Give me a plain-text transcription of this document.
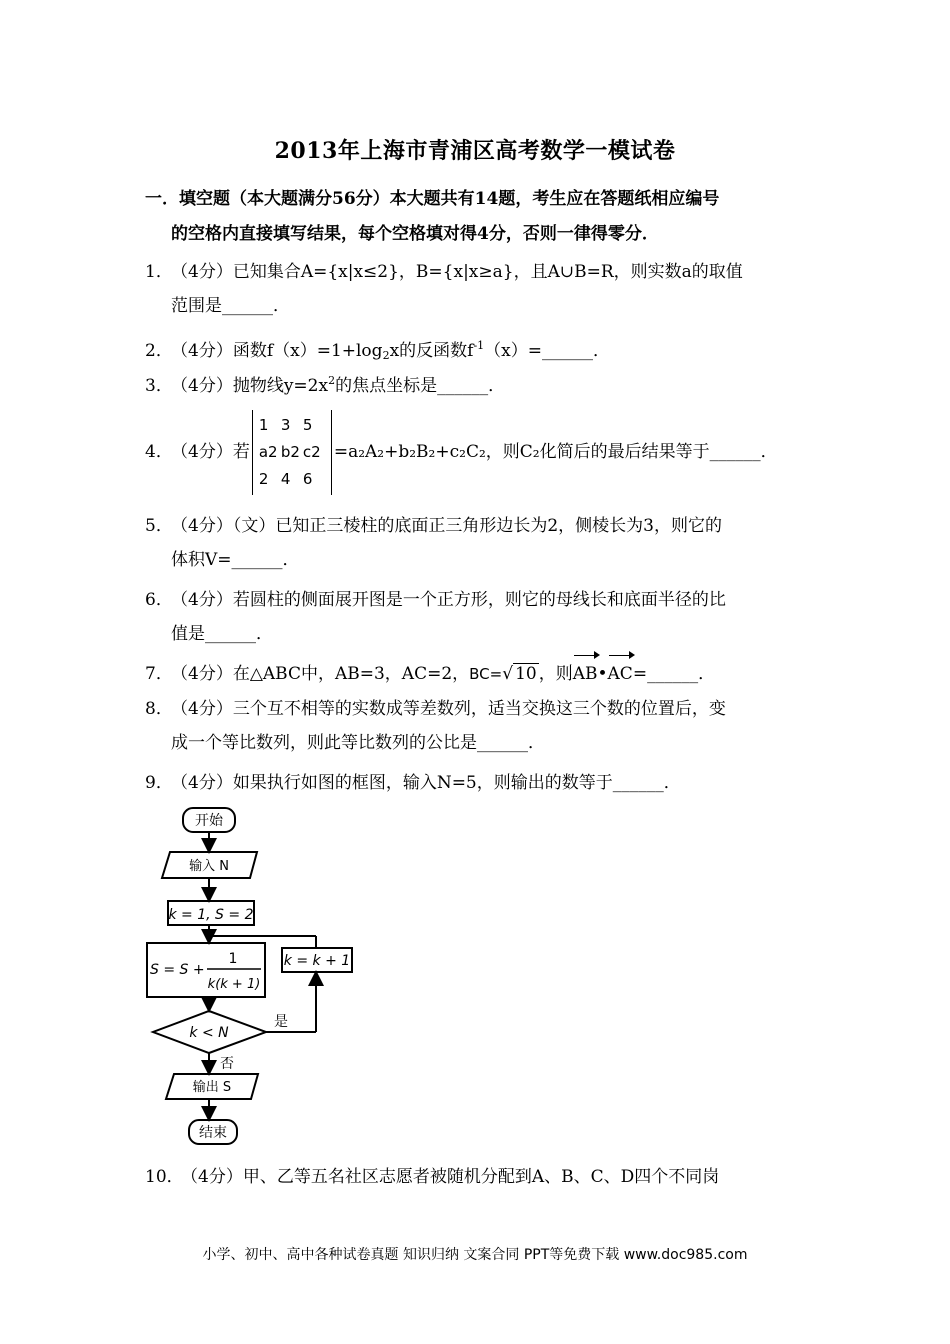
2013年上海市青浦区高考数学一模试卷
一．填空题（本大题满分56分）本大题共有14题，考生应在答题纸相应编号
的空格内直接填写结果，每个空格填对得4分，否则一律得零分．
1．（4分）已知集合A={x|x≤2}，B={x|x≥a}，且A∪B=R，则实数a的取值
范围是______．
2．（4分）函数$f(x)=1+\log_2x$的反函数$f^{-1}(x)=\_\_\_\_\_\_$．
3．（4分）抛物线$y=2x^2$的焦点坐标是______．
4．（4分）若
1 3 5
a2 b2 c2
2 4 6
=a₂A₂+b₂B₂+c₂C₂，则C₂化简后的最后结果等于______．
5．（4分）（文）已知正三棱柱的底面正三角形边长为2，侧棱长为3，则它的
体积V=______．
6．（4分）若圆柱的侧面展开图是一个正方形，则它的母线长和底面半径的比
值是______．
7．（4分）在△ABC中，AB=3，AC=2，BC=√ 10 ，则AB•AC=______．
8．（4分）三个互不相等的实数成等差数列，适当交换这三个数的位置后，变
成一个等比数列，则此等比数列的公比是______．
9．（4分）如果执行如图的框图，输入N=5，则输出的数等于______．
开始
输入 N
k = 1, S = 2
S = S +
1
k(k + 1)
k = k + 1
k < N
是
否
输出 S
结束
10．（4分）甲、乙等五名社区志愿者被随机分配到A、B、C、D四个不同岗
小学、初中、高中各种试卷真题 知识归纳 文案合同 PPT等免费下载 www.doc985.com
